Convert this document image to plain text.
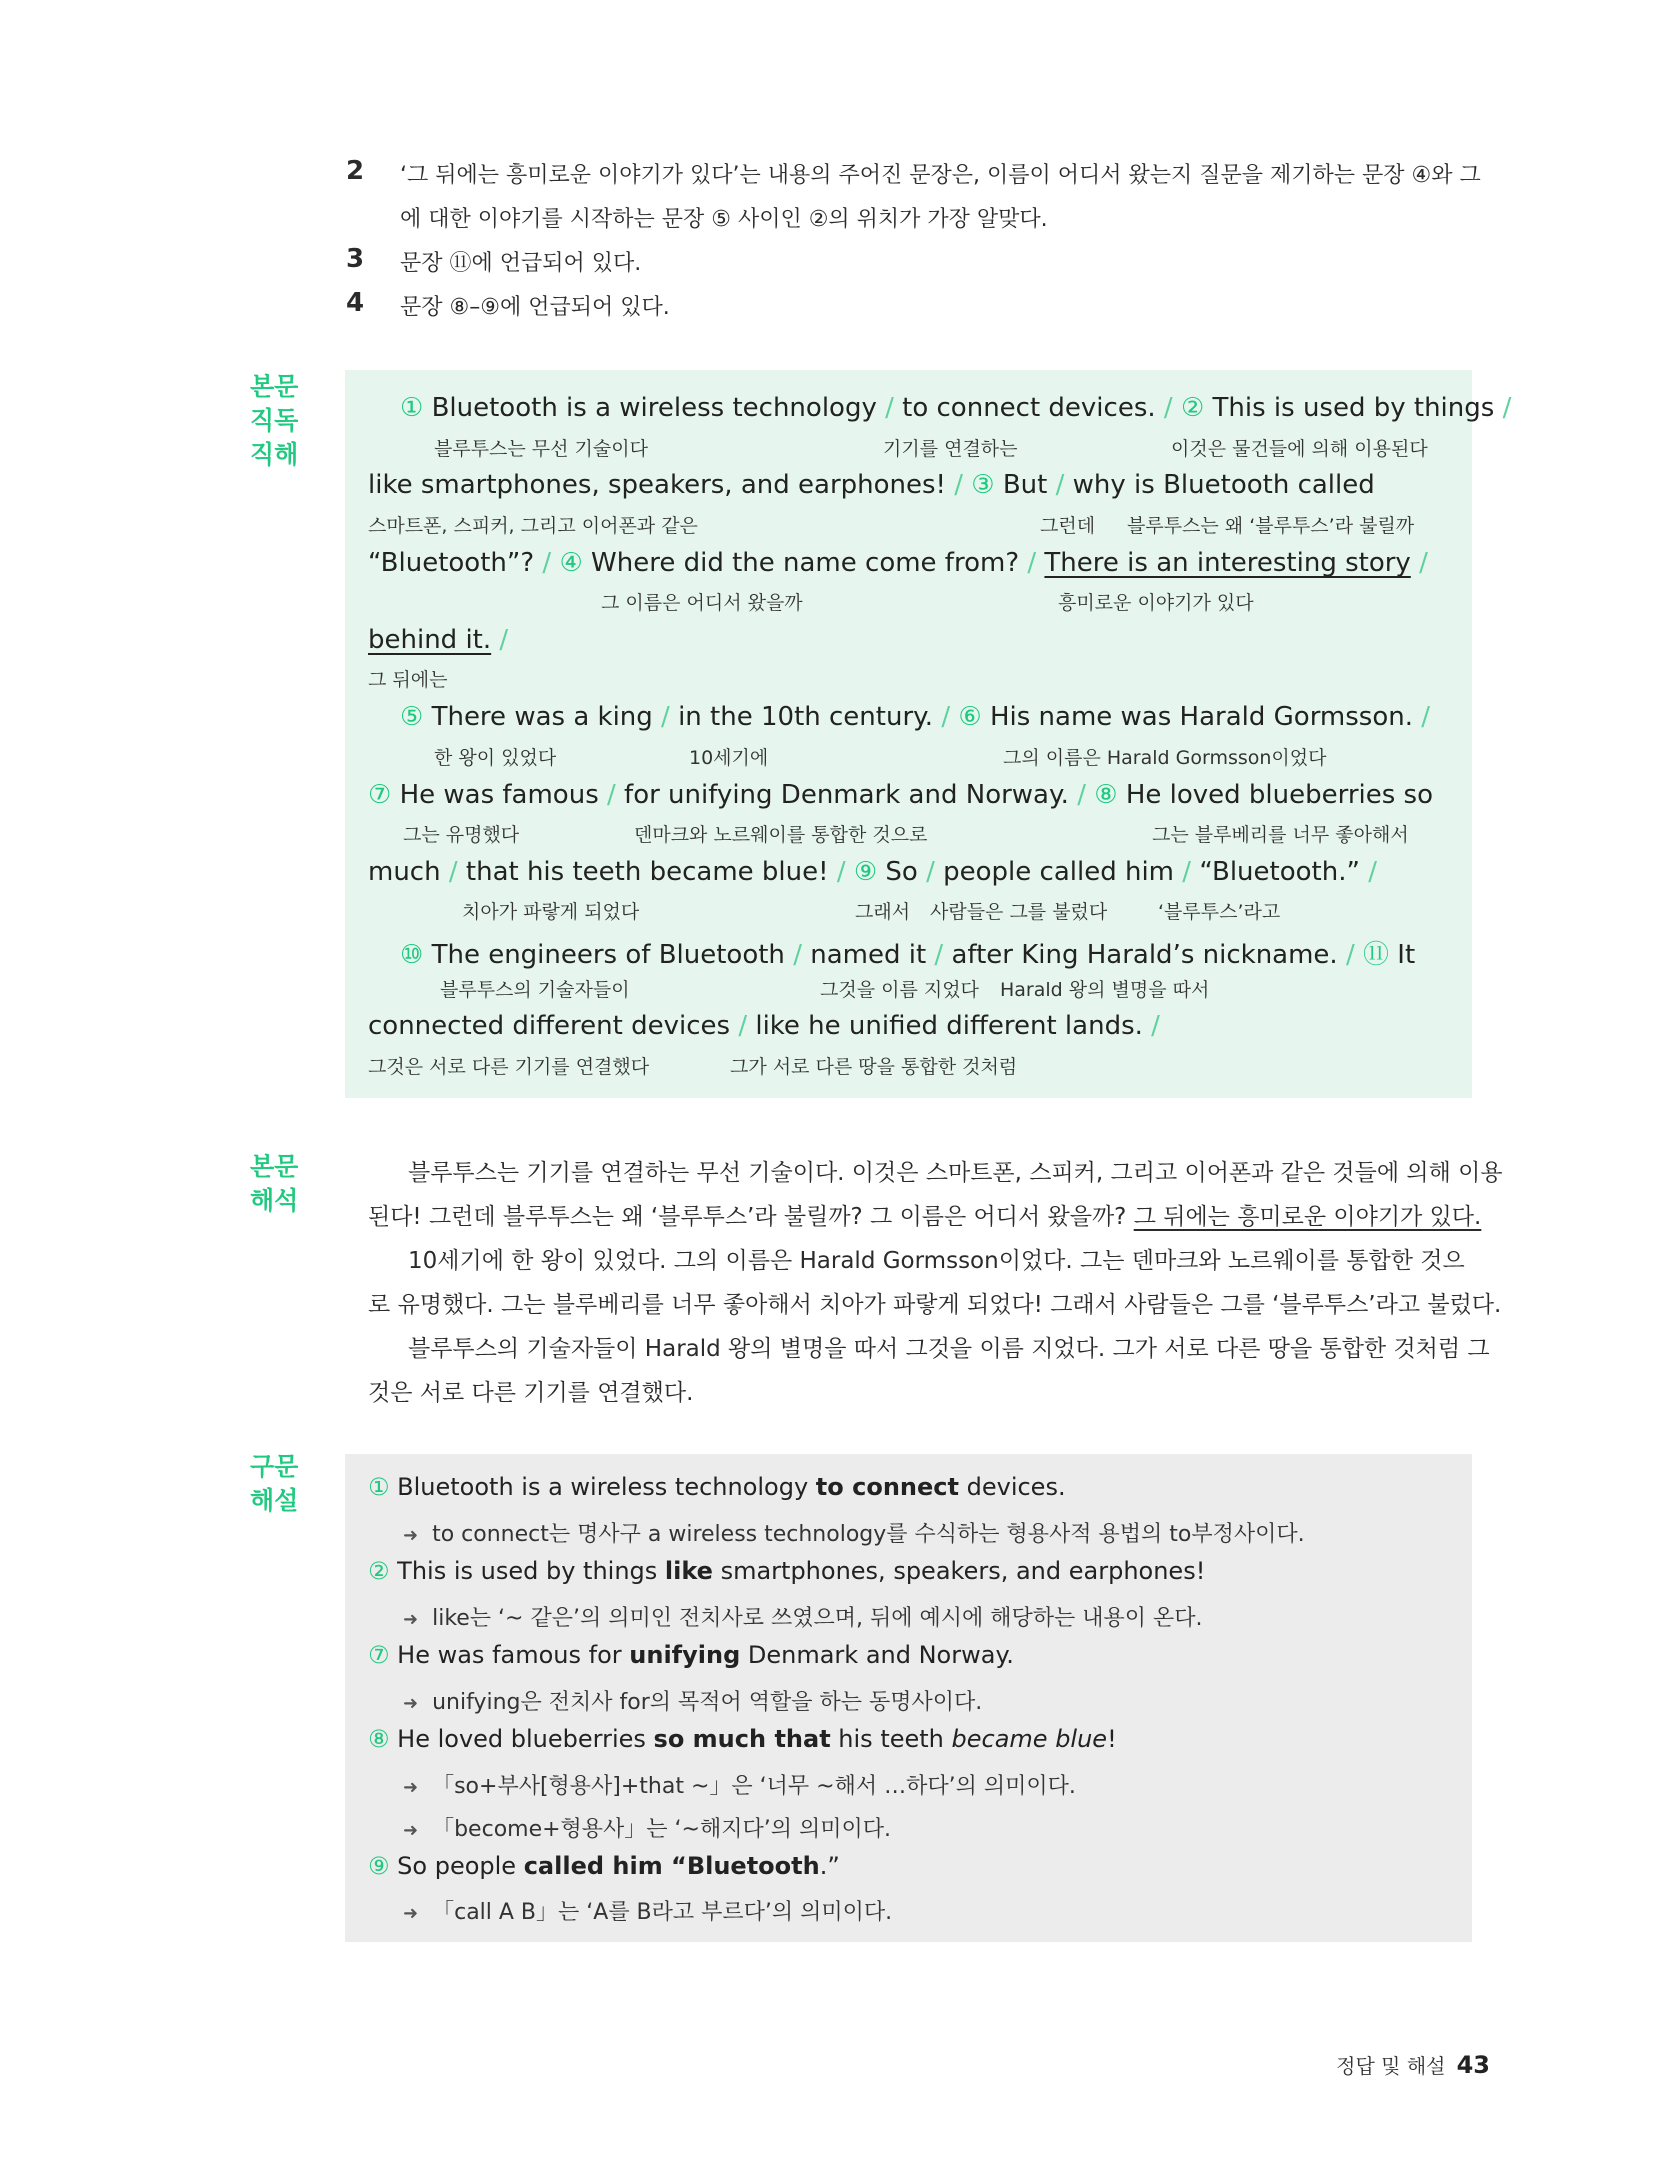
2 ‘그 뒤에는 흥미로운 이야기가 있다’는 내용의 주어진 문장은, 이름이 어디서 왔는지 질문을 제기하는 문장 ④와 그
에 대한 이야기를 시작하는 문장 ⑤ 사이인 ②의 위치가 가장 알맞다.
3 문장 ⑪에 언급되어 있다.
4 문장 ⑧–⑨에 언급되어 있다.
본문
직독
직해
본문
해석
구문
해설
① Bluetooth is a wireless technology / to connect devices. / ② This is used by things /
블루투스는 무선 기술이다	기기를 연결하는	이것은 물건들에 의해 이용된다
like smartphones, speakers, and earphones! / ③ But / why is Bluetooth called
스마트폰, 스피커, 그리고 이어폰과 같은	그런데 블루투스는 왜 ‘블루투스’라 불릴까
“Bluetooth”? / ④ Where did the name come from? / There is an interesting story /
그 이름은 어디서 왔을까	흥미로운 이야기가 있다
behind it. /
그 뒤에는
⑤ There was a king / in the 10th century. / ⑥ His name was Harald Gormsson. /
한 왕이 있었다	10세기에	그의 이름은 Harald Gormsson이었다
⑦ He was famous / for unifying Denmark and Norway. / ⑧ He loved blueberries so
그는 유명했다	덴마크와 노르웨이를 통합한 것으로	그는 블루베리를 너무 좋아해서
much / that his teeth became blue! / ⑨ So / people called him / “Bluetooth.” /
치아가 파랗게 되었다	그래서 사람들은 그를 불렀다	‘블루투스’라고
⑩ The engineers of Bluetooth / named it / after King Harald’s nickname. / ⑪ It
블루투스의 기술자들이	그것을 이름 지었다 Harald 왕의 별명을 따서
connected different devices / like he unified different lands. /
그것은 서로 다른 기기를 연결했다	그가 서로 다른 땅을 통합한 것처럼
블루투스는 기기를 연결하는 무선 기술이다. 이것은 스마트폰, 스피커, 그리고 이어폰과 같은 것들에 의해 이용
된다! 그런데 블루투스는 왜 ‘블루투스’라 불릴까? 그 이름은 어디서 왔을까? 그 뒤에는 흥미로운 이야기가 있다.
10세기에 한 왕이 있었다. 그의 이름은 Harald Gormsson이었다. 그는 덴마크와 노르웨이를 통합한 것으
로 유명했다. 그는 블루베리를 너무 좋아해서 치아가 파랗게 되었다! 그래서 사람들은 그를 ‘블루투스’라고 불렀다.
블루투스의 기술자들이 Harald 왕의 별명을 따서 그것을 이름 지었다. 그가 서로 다른 땅을 통합한 것처럼 그
것은 서로 다른 기기를 연결했다.
① Bluetooth is a wireless technology to connect devices.
➜ to connect는 명사구 a wireless technology를 수식하는 형용사적 용법의 to부정사이다.
② This is used by things like smartphones, speakers, and earphones!
➜ like는 ‘~ 같은’의 의미인 전치사로 쓰였으며, 뒤에 예시에 해당하는 내용이 온다.
⑦ He was famous for unifying Denmark and Norway.
➜ unifying은 전치사 for의 목적어 역할을 하는 동명사이다.
⑧ He loved blueberries so much that his teeth became blue!
➜ 「so+부사[형용사]+that ~」은 ‘너무 ~해서 …하다’의 의미이다.
➜ 「become+형용사」는 ‘~해지다’의 의미이다.
⑨ So people called him “Bluetooth.”
➜ 「call A B」는 ‘A를 B라고 부르다’의 의미이다.
정답 및 해설 43
